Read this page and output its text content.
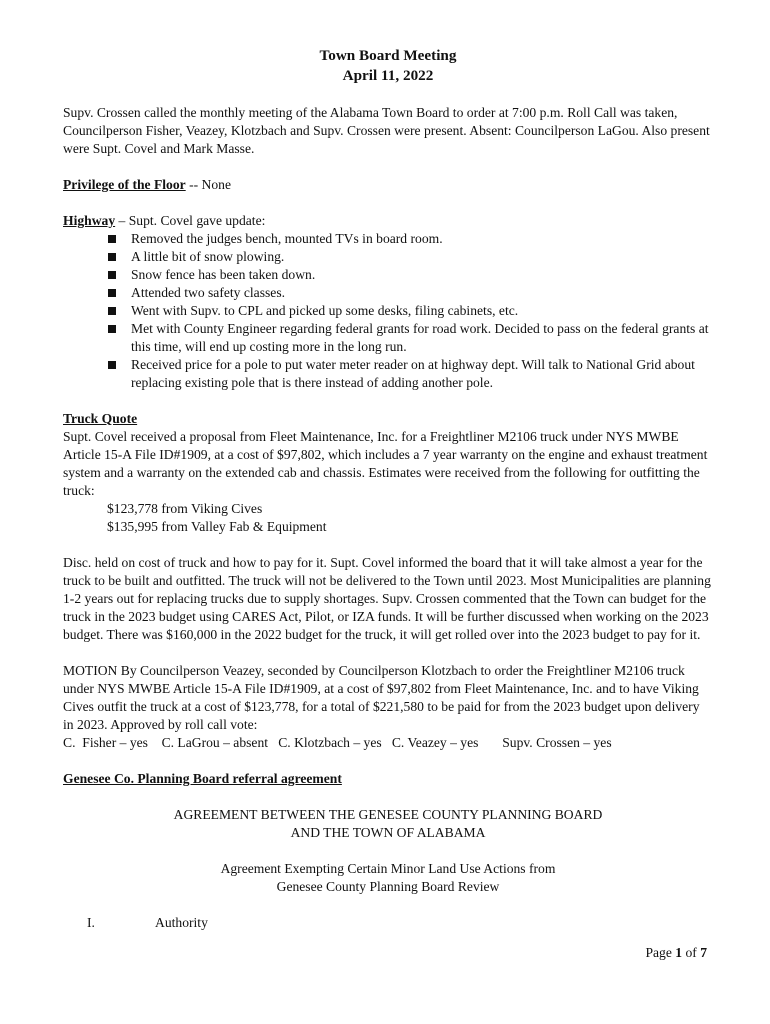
Town Board Meeting
April 11, 2022

Supv. Crossen called the monthly meeting of the Alabama Town Board to order at 7:00 p.m. Roll Call was taken, Councilperson Fisher, Veazey, Klotzbach and Supv. Crossen were present. Absent: Councilperson LaGou. Also present were Supt. Covel and Mark Masse.

Privilege of the Floor -- None

Highway – Supt. Covel gave update:

Removed the judges bench, mounted TVs in board room.
A little bit of snow plowing.
Snow fence has been taken down.
Attended two safety classes.
Went with Supv. to CPL and picked up some desks, filing cabinets, etc.
Met with County Engineer regarding federal grants for road work. Decided to pass on the federal grants at this time, will end up costing more in the long run.
Received price for a pole to put water meter reader on at highway dept. Will talk to National Grid about replacing existing pole that is there instead of adding another pole.

Truck Quote

Supt. Covel received a proposal from Fleet Maintenance, Inc. for a Freightliner M2106 truck under NYS MWBE Article 15-A File ID#1909, at a cost of $97,802, which includes a 7 year warranty on the engine and exhaust treatment system and a warranty on the extended cab and chassis. Estimates were received from the following for outfitting the truck:

$123,778 from Viking Cives

$135,995 from Valley Fab & Equipment

Disc. held on cost of truck and how to pay for it. Supt. Covel informed the board that it will take almost a year for the truck to be built and outfitted. The truck will not be delivered to the Town until 2023. Most Municipalities are planning 1-2 years out for replacing trucks due to supply shortages. Supv. Crossen commented that the Town can budget for the truck in the 2023 budget using CARES Act, Pilot, or IZA funds. It will be further discussed when working on the 2023 budget. There was $160,000 in the 2022 budget for the truck, it will get rolled over into the 2023 budget to pay for it.

MOTION By Councilperson Veazey, seconded by Councilperson Klotzbach to order the Freightliner M2106 truck under NYS MWBE Article 15-A File ID#1909, at a cost of $97,802 from Fleet Maintenance, Inc. and to have Viking Cives outfit the truck at a cost of $123,778, for a total of $221,580 to be paid for from the 2023 budget upon delivery in 2023. Approved by roll call vote:

C.  Fisher – yes C. LaGrou – absent C. Klotzbach – yes C. Veazey – yes Supv. Crossen – yes

Genesee Co. Planning Board referral agreement

AGREEMENT BETWEEN THE GENESEE COUNTY PLANNING BOARD
AND THE TOWN OF ALABAMA
Agreement Exempting Certain Minor Land Use Actions from
Genesee County Planning Board Review
I.	Authority
Page 1 of 7
